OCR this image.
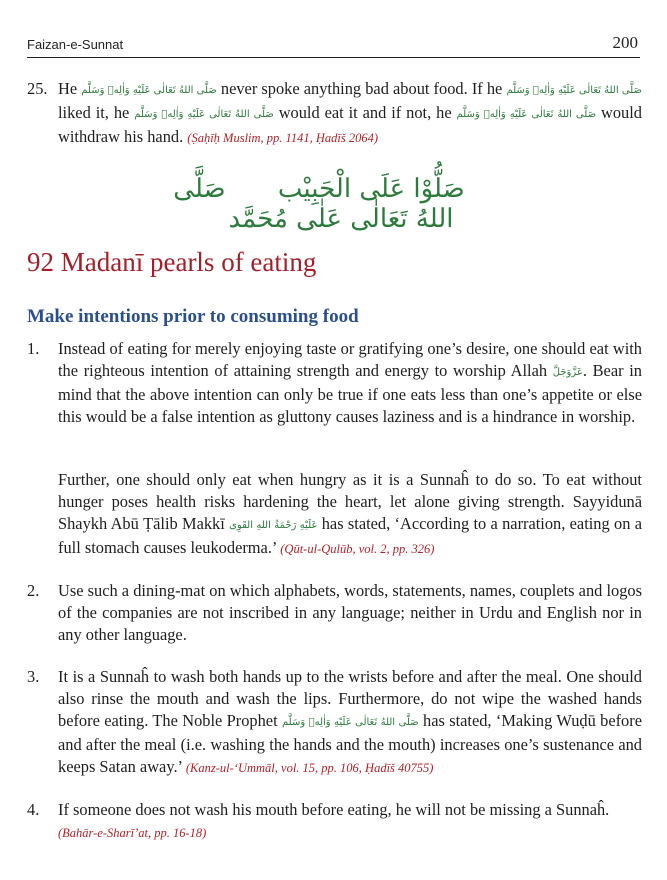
Faizan-e-Sunnat	200
25. He صَلَّى اللهُ تَعَالٰى عَلَيْهِ وَاٰلِهٖ وَسَلَّم never spoke anything bad about food. If he صَلَّى اللهُ تَعَالٰى عَلَيْهِ وَاٰلِهٖ وَسَلَّم liked it, he صَلَّى اللهُ تَعَالٰى عَلَيْهِ وَاٰلِهٖ وَسَلَّم would eat it and if not, he صَلَّى اللهُ تَعَالٰى عَلَيْهِ وَاٰلِهٖ وَسَلَّم would withdraw his hand. (Ṣaḥīḥ Muslim, pp. 1141, Ḥadīš 2064)
صَلُّوْا عَلَى الْحَبِيْب صَلَّى اللهُ تَعَالٰى عَلٰى مُحَمَّد
92 Madanī pearls of eating
Make intentions prior to consuming food
1. Instead of eating for merely enjoying taste or gratifying one’s desire, one should eat with the righteous intention of attaining strength and energy to worship Allah عَزَّوَجَلَّ. Bear in mind that the above intention can only be true if one eats less than one’s appetite or else this would be a false intention as gluttony causes laziness and is a hindrance in worship.
Further, one should only eat when hungry as it is a Sunnaĥ to do so. To eat without hunger poses health risks hardening the heart, let alone giving strength. Sayyidunā Shaykh Abū Ṭālib Makkī عَلَيْهِ رَحْمَةُ اللهِ القَوِى has stated, ‘According to a narration, eating on a full stomach causes leukoderma.’ (Qūt-ul-Qulūb, vol. 2, pp. 326)
2. Use such a dining-mat on which alphabets, words, statements, names, couplets and logos of the companies are not inscribed in any language; neither in Urdu and English nor in any other language.
3. It is a Sunnaĥ to wash both hands up to the wrists before and after the meal. One should also rinse the mouth and wash the lips. Furthermore, do not wipe the washed hands before eating. The Noble Prophet صَلَّى اللهُ تَعَالٰى عَلَيْهِ وَاٰلِهٖ وَسَلَّم has stated, ‘Making Wuḍū before and after the meal (i.e. washing the hands and the mouth) increases one’s sustenance and keeps Satan away.’ (Kanz-ul-‘Ummāl, vol. 15, pp. 106, Ḥadīš 40755)
4. If someone does not wash his mouth before eating, he will not be missing a Sunnaĥ.
(Bahār-e-Sharī’at, pp. 16-18)
